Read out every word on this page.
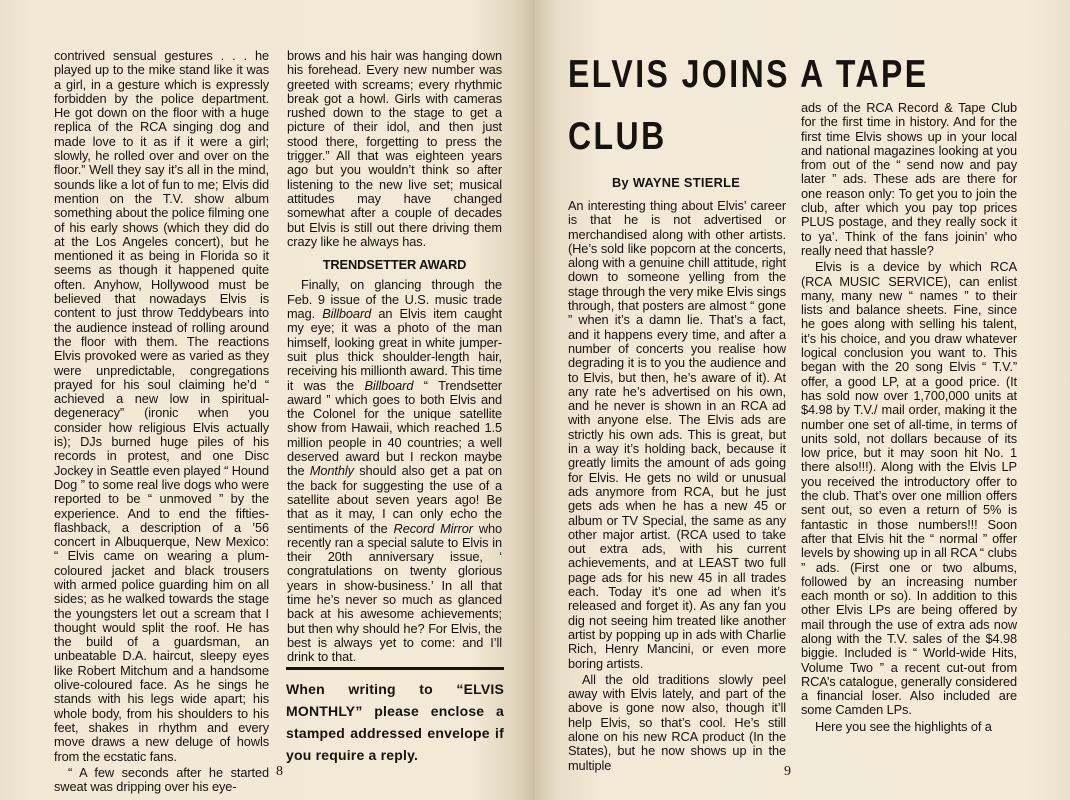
contrived sensual gestures . . . he played up to the mike stand like it was a girl, in a gesture which is expressly forbidden by the police department. He got down on the floor with a huge replica of the RCA singing dog and made love to it as if it were a girl; slowly, he rolled over and over on the floor.” Well they say it’s all in the mind, sounds like a lot of fun to me; Elvis did mention on the T.V. show album something about the police filming one of his early shows (which they did do at the Los Angeles concert), but he mentioned it as being in Florida so it seems as though it happened quite often. Anyhow, Hollywood must be believed that nowadays Elvis is content to just throw Teddybears into the audience instead of rolling around the floor with them. The reactions Elvis provoked were as varied as they were unpredictable, congregations prayed for his soul claiming he’d “ achieved a new low in spiritual-degeneracy” (ironic when you consider how religious Elvis actually is); DJs burned huge piles of his records in protest, and one Disc Jockey in Seattle even played “ Hound Dog ” to some real live dogs who were reported to be “ unmoved ” by the experience. And to end the fifties-flashback, a description of a ’56 concert in Albuquerque, New Mexico: “ Elvis came on wearing a plum-coloured jacket and black trousers with armed police guarding him on all sides; as he walked towards the stage the youngsters let out a scream that I thought would split the roof. He has the build of a guardsman, an unbeatable D.A. haircut, sleepy eyes like Robert Mitchum and a handsome olive-coloured face. As he sings he stands with his legs wide apart; his whole body, from his shoulders to his feet, shakes in rhythm and every move draws a new deluge of howls from the ecstatic fans.

“ A few seconds after he started sweat was dripping over his eye-

brows and his hair was hanging down his forehead. Every new number was greeted with screams; every rhythmic break got a howl. Girls with cameras rushed down to the stage to get a picture of their idol, and then just stood there, forgetting to press the trigger.” All that was eighteen years ago but you wouldn’t think so after listening to the new live set; musical attitudes may have changed somewhat after a couple of decades but Elvis is still out there driving them crazy like he always has.

TRENDSETTER AWARD

Finally, on glancing through the Feb. 9 issue of the U.S. music trade mag. Billboard an Elvis item caught my eye; it was a photo of the man himself, looking great in white jumper-suit plus thick shoulder-length hair, receiving his millionth award. This time it was the Billboard “ Trendsetter award ” which goes to both Elvis and the Colonel for the unique satellite show from Hawaii, which reached 1.5 million people in 40 countries; a well deserved award but I reckon maybe the Monthly should also get a pat on the back for suggesting the use of a satellite about seven years ago! Be that as it may, I can only echo the sentiments of the Record Mirror who recently ran a special salute to Elvis in their 20th anniversary issue, ‘ congratulations on twenty glorious years in show-business.’ In all that time he’s never so much as glanced back at his awesome achievements; but then why should he? For Elvis, the best is always yet to come: and I’ll drink to that.

When writing to “ELVIS MONTHLY” please enclose a stamped addressed envelope if you require a reply.
8
ELVIS JOINS A TAPE
CLUB
By WAYNE STIERLE

An interesting thing about Elvis’ career is that he is not advertised or merchandised along with other artists. (He’s sold like popcorn at the concerts, along with a genuine chill attitude, right down to someone yelling from the stage through the very mike Elvis sings through, that posters are almost “ gone ” when it’s a damn lie. That’s a fact, and it happens every time, and after a number of concerts you realise how degrading it is to you the audience and to Elvis, but then, he’s aware of it). At any rate he’s advertised on his own, and he never is shown in an RCA ad with anyone else. The Elvis ads are strictly his own ads. This is great, but in a way it’s holding back, because it greatly limits the amount of ads going for Elvis. He gets no wild or unusual ads anymore from RCA, but he just gets ads when he has a new 45 or album or TV Special, the same as any other major artist. (RCA used to take out extra ads, with his current achievements, and at LEAST two full page ads for his new 45 in all trades each. Today it’s one ad when it’s released and forget it). As any fan you dig not seeing him treated like another artist by popping up in ads with Charlie Rich, Henry Mancini, or even more boring artists.

All the old traditions slowly peel away with Elvis lately, and part of the above is gone now also, though it’ll help Elvis, so that’s cool. He’s still alone on his new RCA product (In the States), but he now shows up in the multiple

ads of the RCA Record & Tape Club for the first time in history. And for the first time Elvis shows up in your local and national magazines looking at you from out of the “ send now and pay later ” ads. These ads are there for one reason only: To get you to join the club, after which you pay top prices PLUS postage, and they really sock it to ya’. Think of the fans joinin’ who really need that hassle?

Elvis is a device by which RCA (RCA MUSIC SERVICE), can enlist many, many new “ names ” to their lists and balance sheets. Fine, since he goes along with selling his talent, it’s his choice, and you draw whatever logical conclusion you want to. This began with the 20 song Elvis “ T.V.” offer, a good LP, at a good price. (It has sold now over 1,700,000 units at $4.98 by T.V./ mail order, making it the number one set of all-time, in terms of units sold, not dollars because of its low price, but it may soon hit No. 1 there also!!!). Along with the Elvis LP you received the introductory offer to the club. That’s over one million offers sent out, so even a return of 5% is fantastic in those numbers!!! Soon after that Elvis hit the “ normal ” offer levels by showing up in all RCA “ clubs ” ads. (First one or two albums, followed by an increasing number each month or so). In addition to this other Elvis LPs are being offered by mail through the use of extra ads now along with the T.V. sales of the $4.98 biggie. Included is “ World-wide Hits, Volume Two ” a recent cut-out from RCA’s catalogue, generally considered a financial loser. Also included are some Camden LPs.

Here you see the highlights of a

9
